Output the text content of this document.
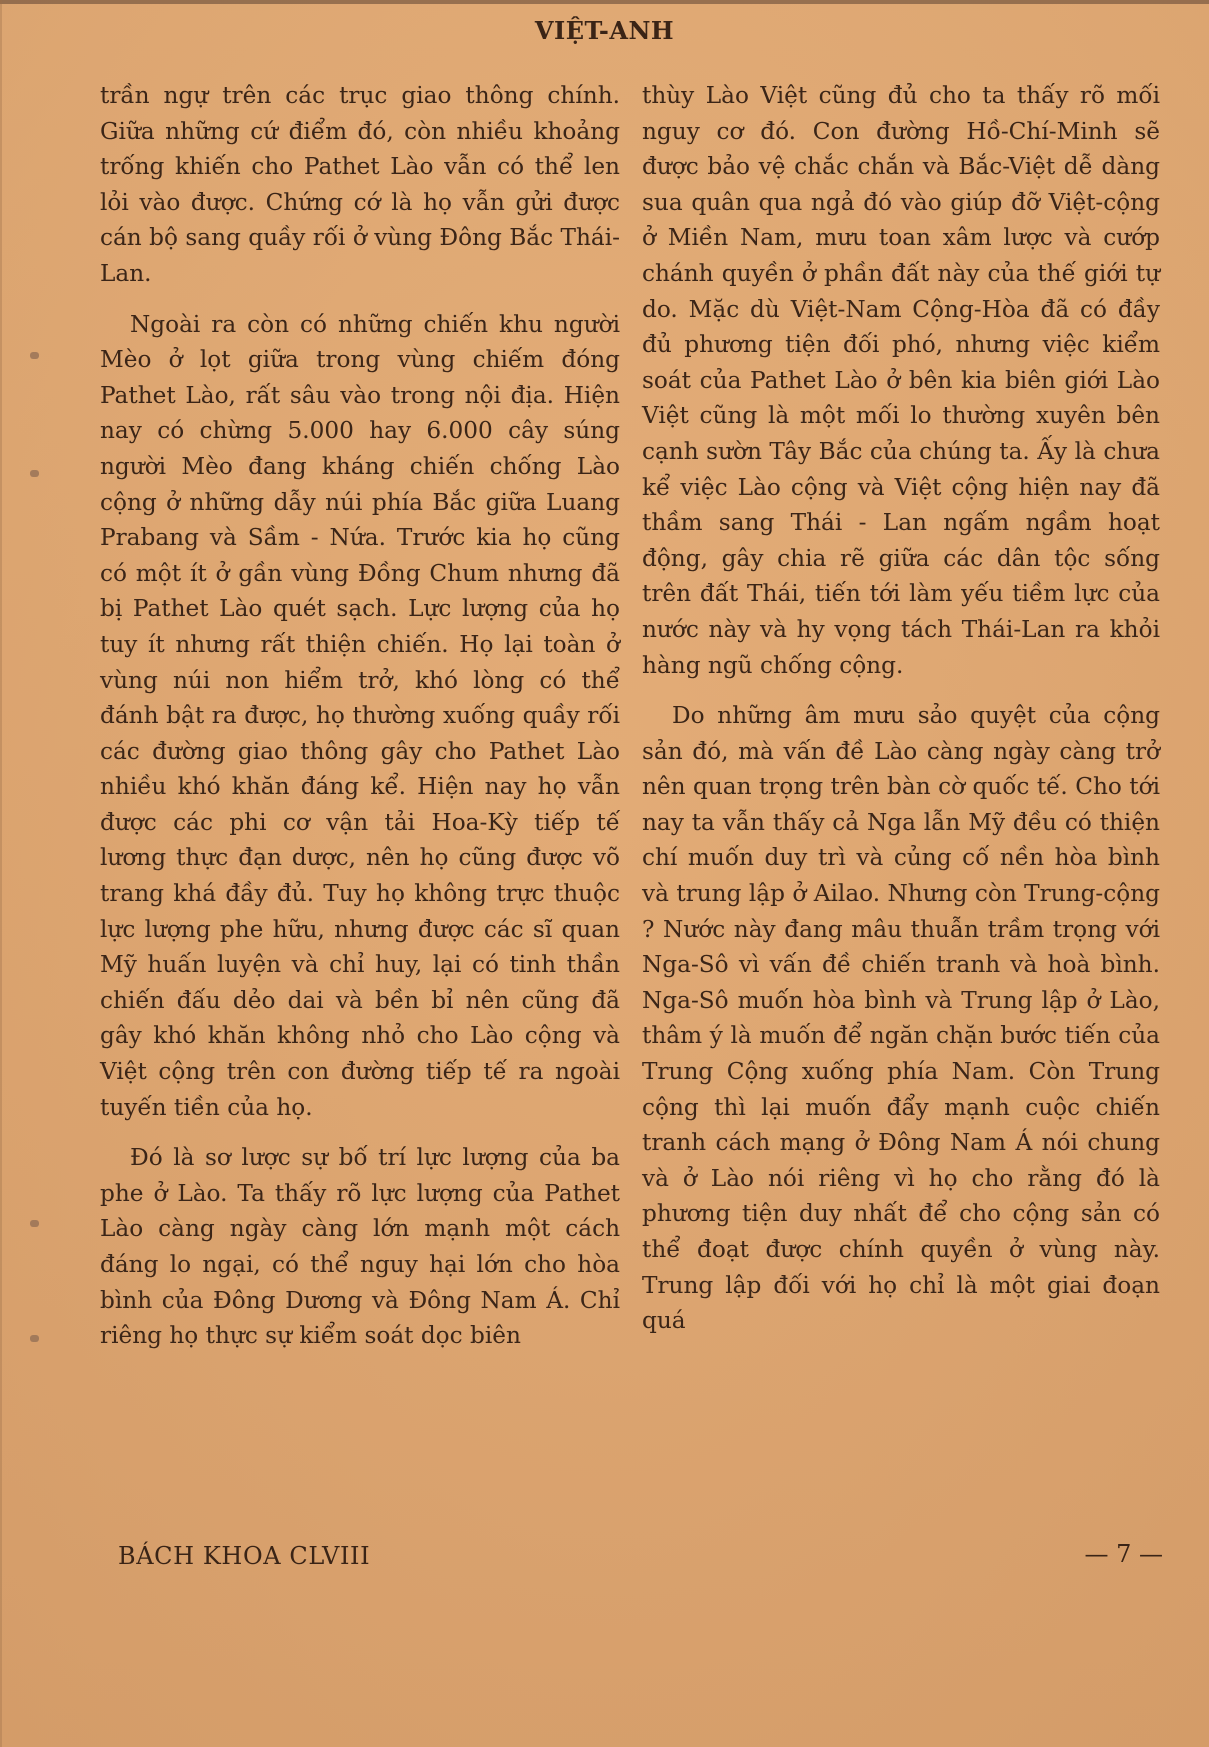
VIỆT-ANH

trần ngự trên các trục giao thông chính. Giữa những cứ điểm đó, còn nhiều khoảng trống khiến cho Pathet Lào vẫn có thể len lỏi vào được. Chứng cớ là họ vẫn gửi được cán bộ sang quầy rối ở vùng Đông Bắc Thái-Lan.

Ngoài ra còn có những chiến khu người Mèo ở lọt giữa trong vùng chiếm đóng Pathet Lào, rất sâu vào trong nội địa. Hiện nay có chừng 5.000 hay 6.000 cây súng người Mèo đang kháng chiến chống Lào cộng ở những dẫy núi phía Bắc giữa Luang Prabang và Sầm - Nứa. Trước kia họ cũng có một ít ở gần vùng Đồng Chum nhưng đã bị Pathet Lào quét sạch. Lực lượng của họ tuy ít nhưng rất thiện chiến. Họ lại toàn ở vùng núi non hiểm trở, khó lòng có thể đánh bật ra được, họ thường xuống quầy rối các đường giao thông gây cho Pathet Lào nhiều khó khăn đáng kể. Hiện nay họ vẫn được các phi cơ vận tải Hoa-Kỳ tiếp tế lương thực đạn dược, nên họ cũng được võ trang khá đầy đủ. Tuy họ không trực thuộc lực lượng phe hữu, nhưng được các sĩ quan Mỹ huấn luyện và chỉ huy, lại có tinh thần chiến đấu dẻo dai và bền bỉ nên cũng đã gây khó khăn không nhỏ cho Lào cộng và Việt cộng trên con đường tiếp tế ra ngoài tuyến tiền của họ.

Đó là sơ lược sự bố trí lực lượng của ba phe ở Lào. Ta thấy rõ lực lượng của Pathet Lào càng ngày càng lớn mạnh một cách đáng lo ngại, có thể nguy hại lớn cho hòa bình của Đông Dương và Đông Nam Á. Chỉ riêng họ thực sự kiểm soát dọc biên

thùy Lào Việt cũng đủ cho ta thấy rõ mối nguy cơ đó. Con đường Hồ-Chí-Minh sẽ được bảo vệ chắc chắn và Bắc-Việt dễ dàng sua quân qua ngả đó vào giúp đỡ Việt-cộng ở Miền Nam, mưu toan xâm lược và cướp chánh quyền ở phần đất này của thế giới tự do. Mặc dù Việt-Nam Cộng-Hòa đã có đầy đủ phương tiện đối phó, nhưng việc kiểm soát của Pathet Lào ở bên kia biên giới Lào Việt cũng là một mối lo thường xuyên bên cạnh sườn Tây Bắc của chúng ta. Ấy là chưa kể việc Lào cộng và Việt cộng hiện nay đã thầm sang Thái - Lan ngấm ngầm hoạt động, gây chia rẽ giữa các dân tộc sống trên đất Thái, tiến tới làm yếu tiềm lực của nước này và hy vọng tách Thái-Lan ra khỏi hàng ngũ chống cộng.

Do những âm mưu sảo quyệt của cộng sản đó, mà vấn đề Lào càng ngày càng trở nên quan trọng trên bàn cờ quốc tế. Cho tới nay ta vẫn thấy cả Nga lẫn Mỹ đều có thiện chí muốn duy trì và củng cố nền hòa bình và trung lập ở Ailao. Nhưng còn Trung-cộng ? Nước này đang mâu thuẫn trầm trọng với Nga-Sô vì vấn đề chiến tranh và hoà bình. Nga-Sô muốn hòa bình và Trung lập ở Lào, thâm ý là muốn để ngăn chặn bước tiến của Trung Cộng xuống phía Nam. Còn Trung cộng thì lại muốn đẩy mạnh cuộc chiến tranh cách mạng ở Đông Nam Á nói chung và ở Lào nói riêng vì họ cho rằng đó là phương tiện duy nhất để cho cộng sản có thể đoạt được chính quyền ở vùng này. Trung lập đối với họ chỉ là một giai đoạn quá

BÁCH KHOA CLVIII	— 7 —
